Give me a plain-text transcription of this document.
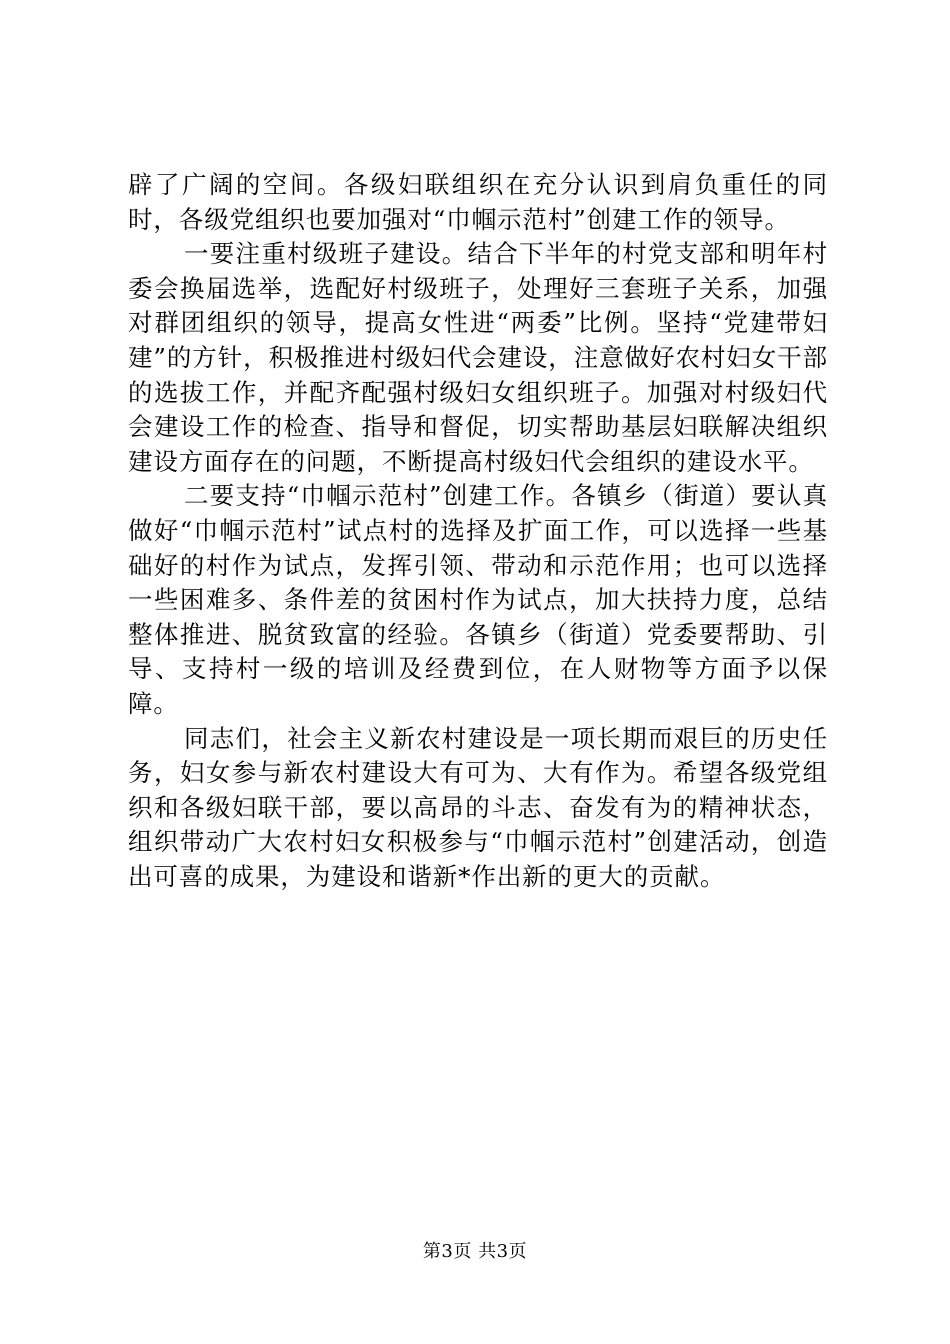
辟了广阔的空间。各级妇联组织在充分认识到肩负重任的同时，各级党组织也要加强对“巾帼示范村”创建工作的领导。

一要注重村级班子建设。结合下半年的村党支部和明年村委会换届选举，选配好村级班子，处理好三套班子关系，加强对群团组织的领导，提高女性进“两委”比例。坚持“党建带妇建”的方针，积极推进村级妇代会建设，注意做好农村妇女干部的选拔工作，并配齐配强村级妇女组织班子。加强对村级妇代会建设工作的检查、指导和督促，切实帮助基层妇联解决组织建设方面存在的问题，不断提高村级妇代会组织的建设水平。

二要支持“巾帼示范村”创建工作。各镇乡（街道）要认真做好“巾帼示范村”试点村的选择及扩面工作，可以选择一些基础好的村作为试点，发挥引领、带动和示范作用；也可以选择一些困难多、条件差的贫困村作为试点，加大扶持力度，总结整体推进、脱贫致富的经验。各镇乡（街道）党委要帮助、引导、支持村一级的培训及经费到位，在人财物等方面予以保障。

同志们，社会主义新农村建设是一项长期而艰巨的历史任务，妇女参与新农村建设大有可为、大有作为。希望各级党组织和各级妇联干部，要以高昂的斗志、奋发有为的精神状态，组织带动广大农村妇女积极参与“巾帼示范村”创建活动，创造出可喜的成果，为建设和谐新*作出新的更大的贡献。

第3页 共3页
